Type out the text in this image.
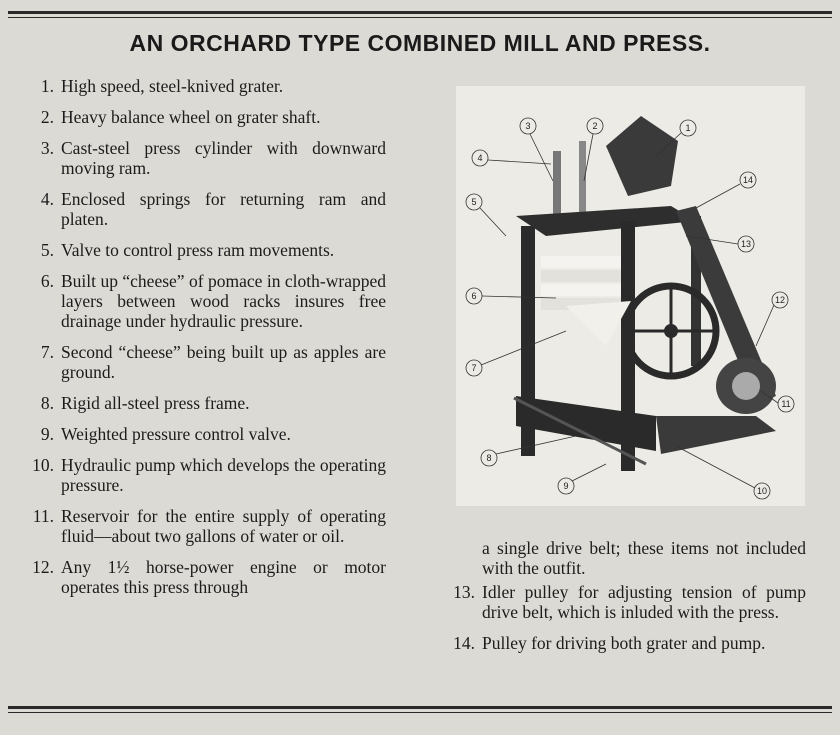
AN ORCHARD TYPE COMBINED MILL AND PRESS.
1. High speed, steel-knived grater.
2. Heavy balance wheel on grater shaft.
3. Cast-steel press cylinder with downward moving ram.
4. Enclosed springs for returning ram and platen.
5. Valve to control press ram movements.
6. Built up “cheese” of pomace in cloth-wrapped layers between wood racks insures free drainage under hydraulic pressure.
7. Second “cheese” being built up as apples are ground.
8. Rigid all-steel press frame.
9. Weighted pressure control valve.
10. Hydraulic pump which develops the operating pressure.
11. Reservoir for the entire supply of operating fluid—about two gallons of water or oil.
12. Any 1½ horse-power engine or motor operates this press through
1
2
3
4
5
6
7
8
9	10
11
12
13
14
a single drive belt; these items not included with the outfit.
13. Idler pulley for adjusting tension of pump drive belt, which is inluded with the press.
14. Pulley for driving both grater and pump.
